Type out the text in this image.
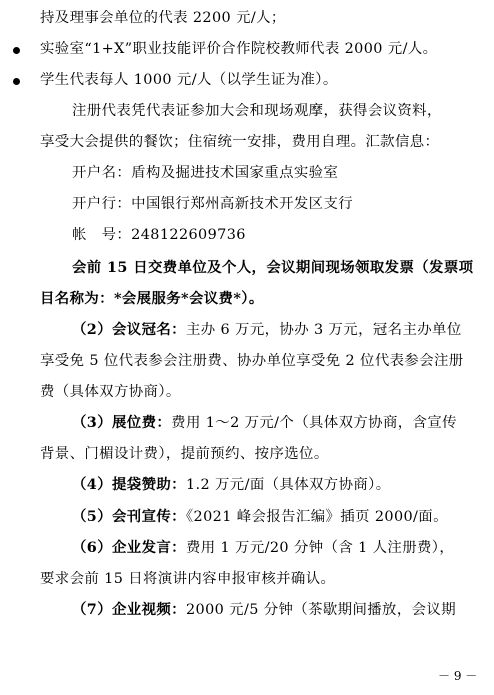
持及理事会单位的代表 2200 元/人；
实验室“1+X”职业技能评价合作院校教师代表 2000 元/人。
学生代表每人 1000 元/人（以学生证为准）。
注册代表凭代表证参加大会和现场观摩，获得会议资料，
享受大会提供的餐饮；住宿统一安排，费用自理。汇款信息：
开户名：盾构及掘进技术国家重点实验室
开户行：中国银行郑州高新技术开发区支行
帐　号：248122609736
会前 15 日交费单位及个人，会议期间现场领取发票（发票项
目名称为：*会展服务*会议费*）。
（2）会议冠名：主办 6 万元，协办 3 万元，冠名主办单位
享受免 5 位代表参会注册费、协办单位享受免 2 位代表参会注册
费（具体双方协商）。
（3）展位费：费用 1～2 万元/个（具体双方协商，含宣传
背景、门楣设计费），提前预约、按序选位。
（4）提袋赞助：1.2 万元/面（具体双方协商）。
（5）会刊宣传：《2021 峰会报告汇编》插页 2000/面。
（6）企业发言：费用 1 万元/20 分钟（含 1 人注册费），
要求会前 15 日将演讲内容申报审核并确认。
（7）企业视频：2000 元/5 分钟（茶歇期间播放，会议期
－ 9 －
